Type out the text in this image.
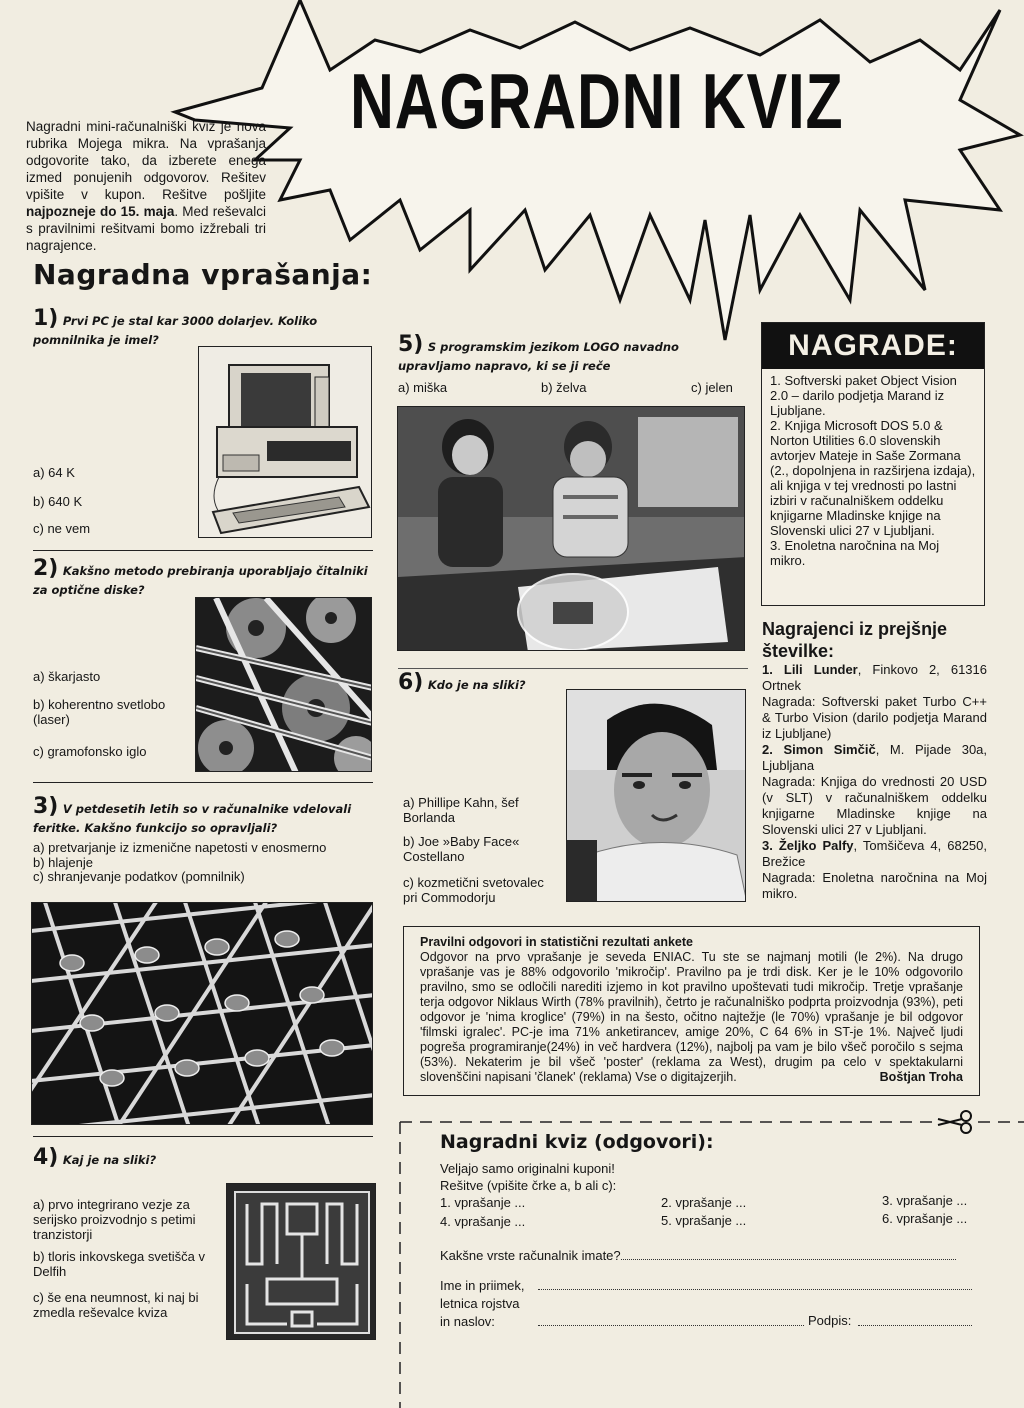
NAGRADNI KVIZ
Nagradni mini-računalniški kviz je nova rubrika Mojega mikra. Na vprašanja odgovorite tako, da izberete enega izmed ponujenih odgovorov. Rešitev vpišite v kupon. Rešitve pošljite najpozneje do 15. maja. Med reševalci s pravilnimi rešitvami bomo izžrebali tri nagrajence.
Nagradna vprašanja:
1) Prvi PC je stal kar 3000 dolarjev. Koliko pomnilnika je imel?
a) 64 K
b) 640 K
c) ne vem
2) Kakšno metodo prebiranja uporabljajo čitalniki za optične diske?
a) škarjasto
b) koherentno svetlobo (laser)
c) gramofonsko iglo
3) V petdesetih letih so v računalnike vdelovali feritke. Kakšno funkcijo so opravljali?
a) pretvarjanje iz izmenične napetosti v enosmerno
b) hlajenje
c) shranjevanje podatkov (pomnilnik)
4) Kaj je na sliki?
a) prvo integrirano vezje za serijsko proizvodnjo s petimi tranzistorji
b) tloris inkovskega svetišča v Delfih
c) še ena neumnost, ki naj bi zmedla reševalce kviza
5) S programskim jezikom LOGO navadno upravljamo napravo, ki se ji reče
a) miška	b) želva	c) jelen
6) Kdo je na sliki?
a) Phillipe Kahn, šef Borlanda
b) Joe »Baby Face« Costellano
c) kozmetični svetovalec pri Commodorju
NAGRADE:
1. Softverski paket Object Vision 2.0 – darilo podjetja Marand iz Ljubljane.
2. Knjiga Microsoft DOS 5.0 & Norton Utilities 6.0 slovenskih avtorjev Mateje in Saše Zormana (2., dopolnjena in razširjena izdaja), ali knjiga v tej vrednosti po lastni izbiri v računalniškem oddelku knjigarne Mladinske knjige na Slovenski ulici 27 v Ljubljani.
3. Enoletna naročnina na Moj mikro.
Nagrajenci iz prejšnje številke:
1. Lili Lunder, Finkovo 2, 61316 Ortnek
Nagrada: Softverski paket Turbo C++ & Turbo Vision (darilo podjetja Marand iz Ljubljane)
2. Simon Simčič, M. Pijade 30a, Ljubljana
Nagrada: Knjiga do vrednosti 20 USD (v SLT) v računalniškem oddelku knjigarne Mladinske knjige na Slovenski ulici 27 v Ljubljani.
3. Željko Palfy, Tomšičeva 4, 68250, Brežice
Nagrada: Enoletna naročnina na Moj mikro.
Pravilni odgovori in statistični rezultati ankete
Odgovor na prvo vprašanje je seveda ENIAC. Tu ste se najmanj motili (le 2%). Na drugo vprašanje vas je 88% odgovorilo 'mikročip'. Pravilno pa je trdi disk. Ker je le 10% odgovorilo pravilno, smo se odločili narediti izjemo in kot pravilno upoštevati tudi mikročip. Tretje vprašanje terja odgovor Niklaus Wirth (78% pravilnih), četrto je računalniško podprta proizvodnja (93%), peti odgovor je 'nima kroglice' (79%) in na šesto, očitno najtežje (le 70%) vprašanje je bil odgovor 'filmski igralec'. PC-je ima 71% anketirancev, amige 20%, C 64 6% in ST-je 1%. Največ ljudi pogreša programiranje(24%) in več hardvera (12%), najbolj pa vam je bilo všeč poročilo s sejma (53%). Nekaterim je bil všeč 'poster' (reklama za West), drugim pa celo v spektakularni slovenščini napisani 'članek' (reklama) Vse o digitajzerjih.	Boštjan Troha
Nagradni kviz (odgovori):
Veljajo samo originalni kuponi!
Rešitve (vpišite črke a, b ali c):
1. vprašanje ...	2. vprašanje ...	3. vprašanje ...
4. vprašanje ...	5. vprašanje ...	6. vprašanje ...
Kakšne vrste računalnik imate?
Ime in priimek,
letnica rojstva
in naslov:	Podpis:
